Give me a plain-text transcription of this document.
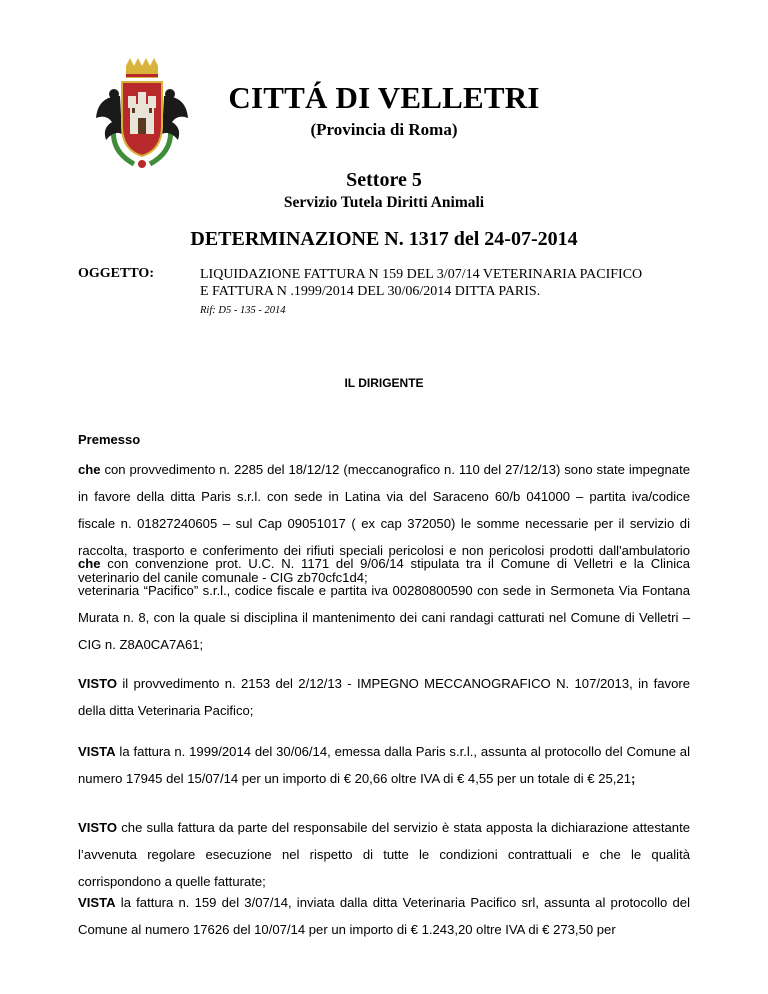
CITTÁ DI VELLETRI
(Provincia di Roma)
Settore 5
Servizio Tutela Diritti Animali
DETERMINAZIONE N. 1317 del 24-07-2014
OGGETTO:	LIQUIDAZIONE FATTURA N 159 DEL 3/07/14 VETERINARIA PACIFICO
E FATTURA N .1999/2014 DEL 30/06/2014 DITTA PARIS.
Rif: D5 - 135 - 2014
IL DIRIGENTE
Premesso

che con provvedimento n. 2285 del 18/12/12 (meccanografico n. 110 del 27/12/13) sono state impegnate in favore della ditta Paris s.r.l. con sede in Latina via del Saraceno 60/b 041000 – partita iva/codice fiscale n. 01827240605 – sul Cap 09051017 ( ex cap 372050) le somme necessarie per il servizio di raccolta, trasporto e conferimento dei rifiuti speciali pericolosi e non pericolosi prodotti dall'ambulatorio veterinario del canile comunale - CIG zb70cfc1d4;

che con convenzione prot. U.C. N. 1171 del 9/06/14 stipulata tra il Comune di Velletri e la Clinica veterinaria “Pacifico” s.r.l., codice fiscale e partita iva 00280800590 con sede in Sermoneta Via Fontana Murata n. 8, con la quale si disciplina il mantenimento dei cani randagi catturati nel Comune di Velletri – CIG n. Z8A0CA7A61;

VISTO il provvedimento n. 2153 del 2/12/13 - IMPEGNO MECCANOGRAFICO N. 107/2013, in favore della ditta Veterinaria Pacifico;

VISTA la fattura n. 1999/2014 del 30/06/14, emessa dalla Paris s.r.l., assunta al protocollo del Comune al numero 17945 del 15/07/14 per un importo di € 20,66 oltre IVA di € 4,55 per un totale di € 25,21;

VISTO che sulla fattura da parte del responsabile del servizio è stata apposta la dichiarazione attestante l’avvenuta regolare esecuzione nel rispetto di tutte le condizioni contrattuali e che le qualità corrispondono a quelle fatturate;

VISTA la fattura n. 159 del 3/07/14, inviata dalla ditta Veterinaria Pacifico srl, assunta al protocollo del Comune al numero 17626 del 10/07/14 per un importo di € 1.243,20 oltre IVA di € 273,50 per
